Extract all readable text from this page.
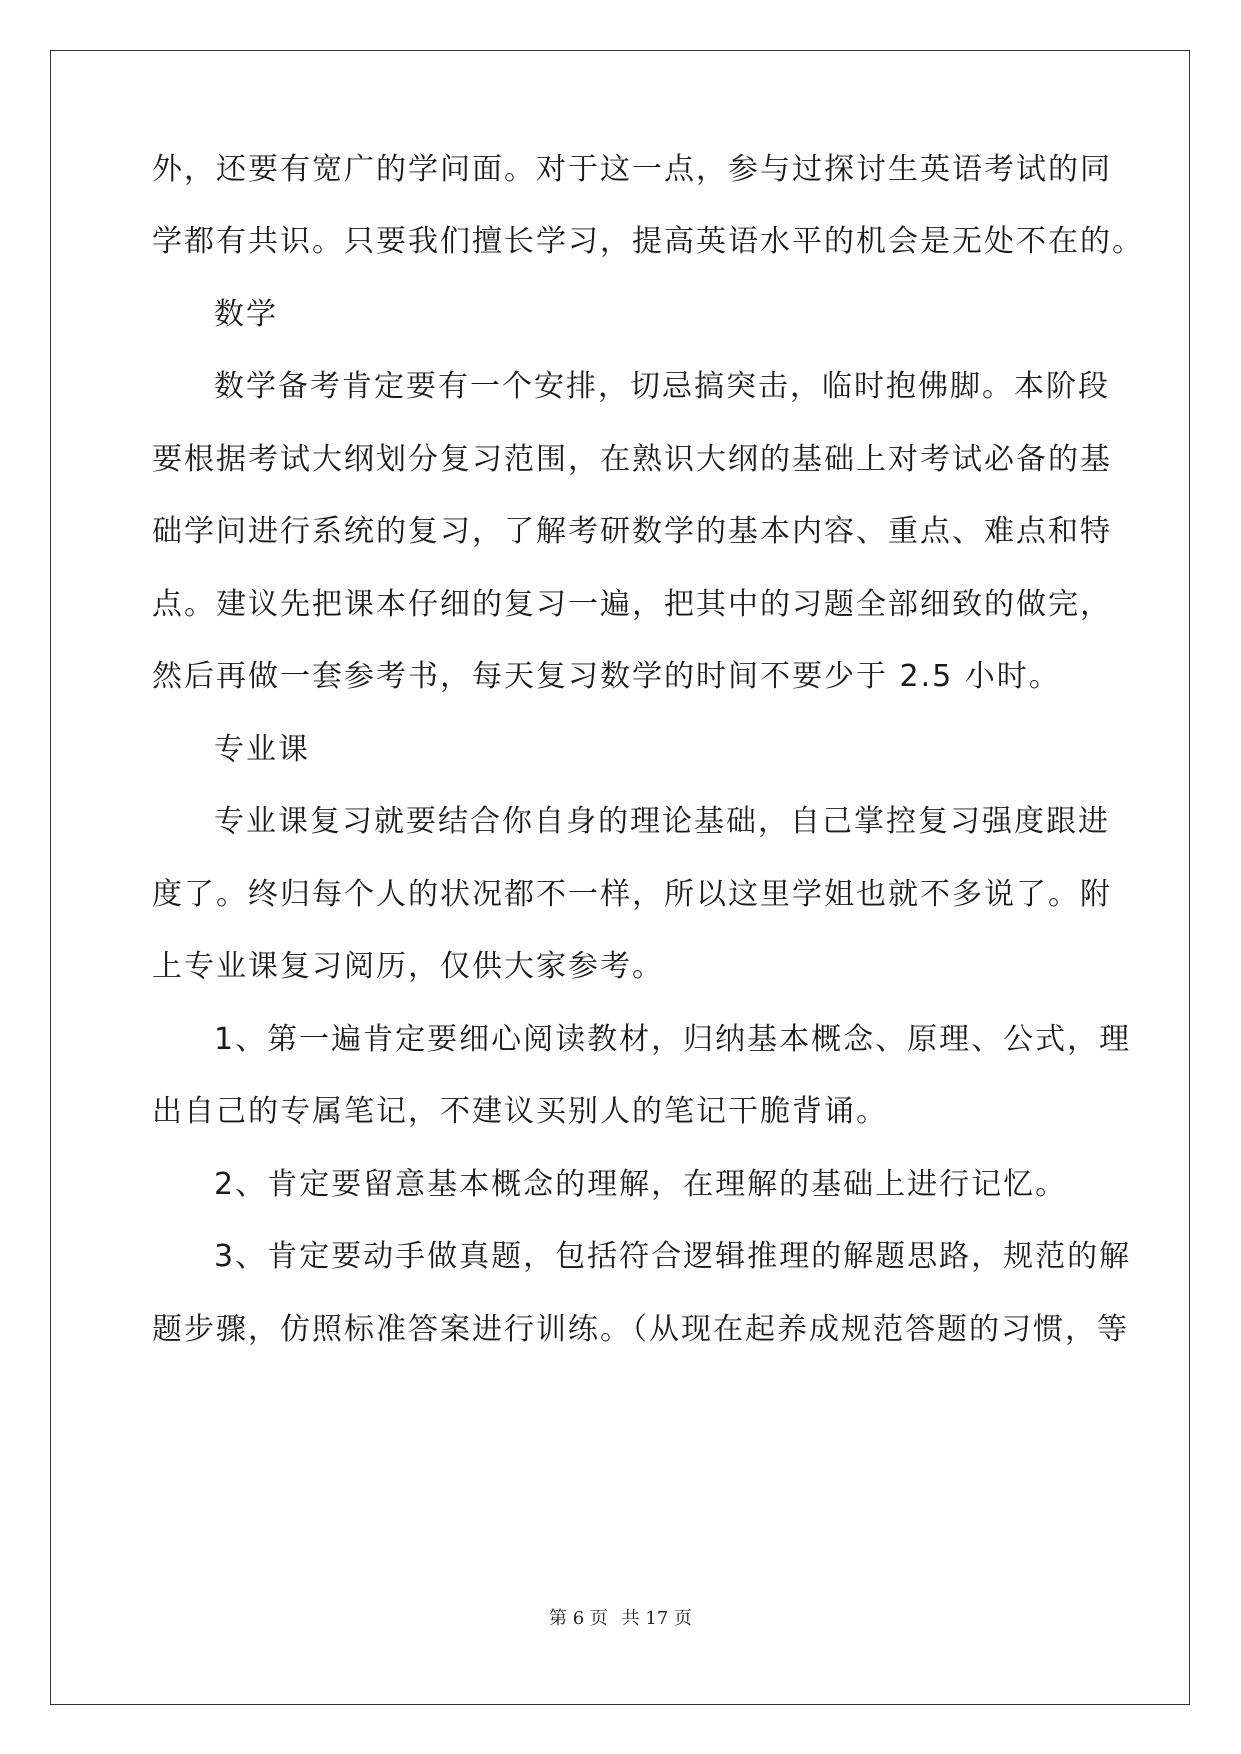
外，还要有宽广的学问面。对于这一点，参与过探讨生英语考试的同
学都有共识。只要我们擅长学习，提高英语水平的机会是无处不在的。
数学
数学备考肯定要有一个安排，切忌搞突击，临时抱佛脚。本阶段
要根据考试大纲划分复习范围，在熟识大纲的基础上对考试必备的基
础学问进行系统的复习，了解考研数学的基本内容、重点、难点和特
点。建议先把课本仔细的复习一遍，把其中的习题全部细致的做完，
然后再做一套参考书，每天复习数学的时间不要少于 2.5 小时。
专业课
专业课复习就要结合你自身的理论基础，自己掌控复习强度跟进
度了。终归每个人的状况都不一样，所以这里学姐也就不多说了。附
上专业课复习阅历，仅供大家参考。
1、第一遍肯定要细心阅读教材，归纳基本概念、原理、公式，理
出自己的专属笔记，不建议买别人的笔记干脆背诵。
2、肯定要留意基本概念的理解，在理解的基础上进行记忆。
3、肯定要动手做真题，包括符合逻辑推理的解题思路，规范的解
题步骤，仿照标准答案进行训练。（从现在起养成规范答题的习惯，等
第 6 页 共 17 页
